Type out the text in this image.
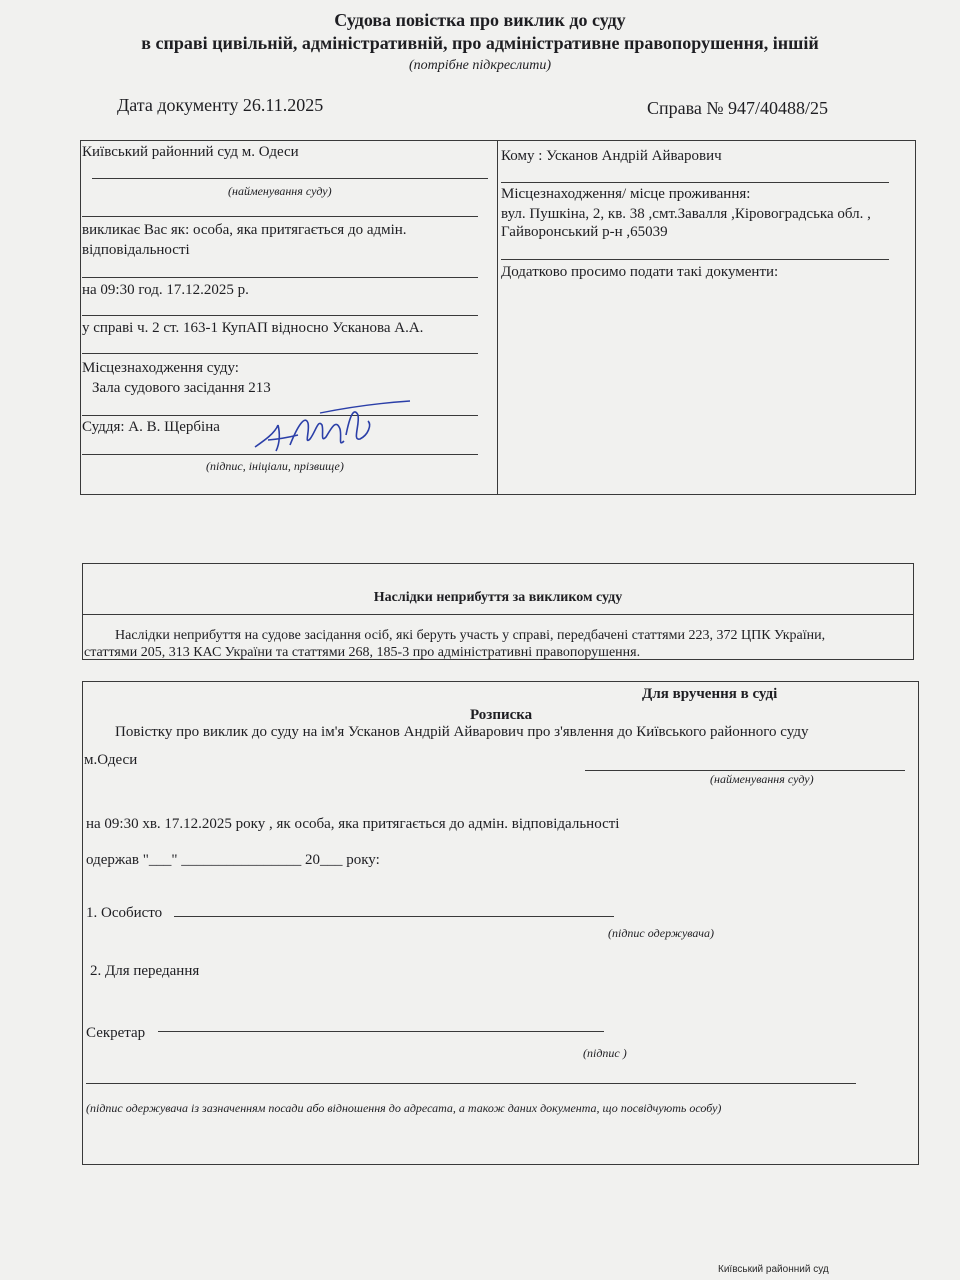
Судова повістка про виклик до суду
в справі цивільній, адміністративній, про адміністративне правопорушення, іншій
(потрібне підкреслити)
Дата документу 26.11.2025	Справа № 947/40488/25
Київський районний суд м. Одеси
(найменування суду)
викликає Вас як: особа, яка притягається до адмін.
відповідальності
на 09:30 год. 17.12.2025 р.
у справі ч. 2 ст. 163-1 КупАП відносно Усканова А.А.
Місцезнаходження суду:
Зала судового засідання 213
Суддя: А. В. Щербіна
(підпис, ініціали, прізвище)
Кому : Усканов Андрій Айварович
Місцезнаходження/ місце проживання:
вул. Пушкіна, 2, кв. 38 ,смт.Завалля ,Кіровоградська обл. ,
Гайворонський р-н ,65039
Додатково просимо подати такі документи:
Наслідки неприбуття за викликом суду
Наслідки неприбуття на судове засідання осіб, які беруть участь у справі, передбачені статтями 223, 372 ЦПК України,
статтями 205, 313 КАС України та статтями 268, 185-3 про адміністративні правопорушення.
Для вручення в суді
Розписка
Повістку про виклик до суду на ім'я Усканов Андрій Айварович про з'явлення до Київського районного суду
м.Одеси
(найменування суду)
на 09:30 хв. 17.12.2025 року , як особа, яка притягається до адмін. відповідальності
одержав "___" ________________ 20___ року:
1. Особисто
(підпис одержувача)
2. Для передання
Секретар
(підпис )
(підпис одержувача із зазначенням посади або відношення до адресата, а також даних документа, що посвідчують особу)
Київський районний суд
